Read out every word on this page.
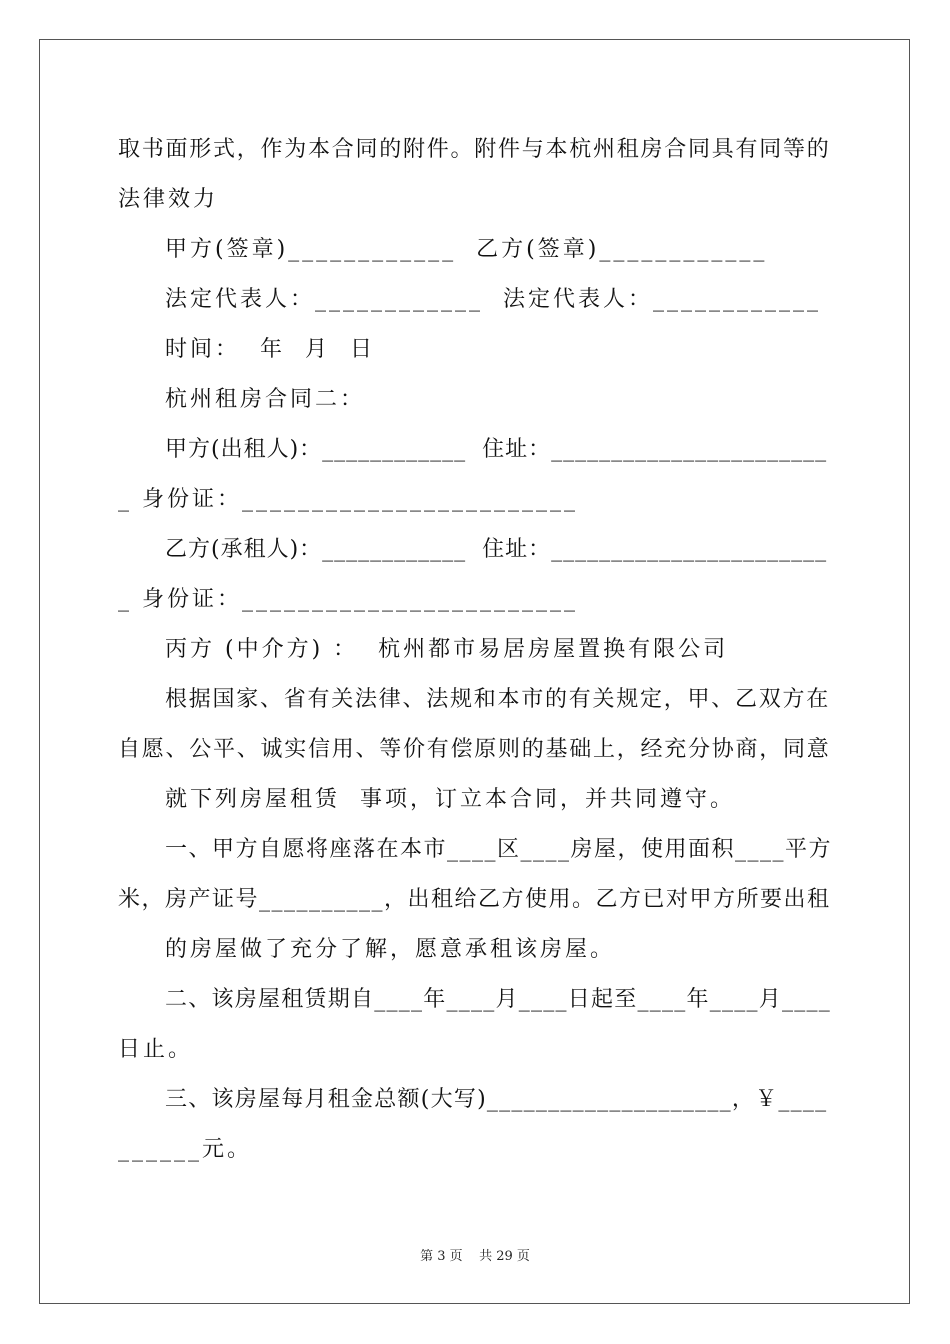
取书面形式，作为本合同的附件。附件与本杭州租房合同具有同等的
法律效力
甲方(签章)____________  乙方(签章)____________
法定代表人：____________  法定代表人：____________
时间：  年  月  日
杭州租房合同二：
甲方(出租人)：____________  住址：_______________________
_ 身份证：________________________
乙方(承租人)：____________  住址：_______________________
_ 身份证：________________________
丙方 (中介方) ：  杭州都市易居房屋置换有限公司
根据国家、省有关法律、法规和本市的有关规定，甲、乙双方在
自愿、公平、诚实信用、等价有偿原则的基础上，经充分协商，同意
就下列房屋租赁  事项，订立本合同，并共同遵守。
一、甲方自愿将座落在本市____区____房屋，使用面积____平方
米，房产证号__________，出租给乙方使用。乙方已对甲方所要出租
的房屋做了充分了解，愿意承租该房屋。
二、该房屋租赁期自____年____月____日起至____年____月____
日止。
三、该房屋每月租金总额(大写)____________________，￥____
______元。
第 3 页    共 29 页
